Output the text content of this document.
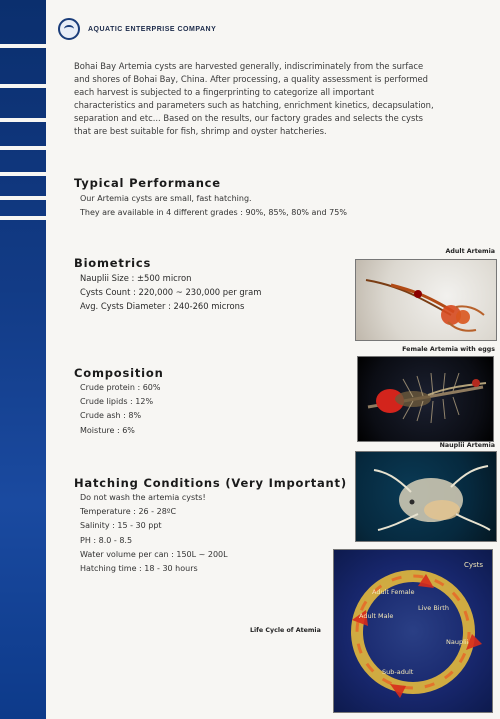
AQUATIC ENTERPRISE COMPANY
Bohai Bay Artemia cysts are harvested generally, indiscriminately from the surface and shores of Bohai Bay, China. After processing, a quality assessment is performed each harvest is subjected to a fingerprinting to categorize all important characteristics and parameters such as hatching, enrichment kinetics, decapsulation, separation and etc... Based on the results, our factory grades and selects the cysts that are best suitable for fish, shrimp and oyster hatcheries.
Typical Performance
Our Artemia cysts are small, fast hatching.
They are available in 4 different grades : 90%, 85%, 80% and 75%
Biometrics
Nauplii Size : ±500 micron
Cysts Count : 220,000 ~ 230,000 per gram
Avg. Cysts Diameter : 240-260 microns
Composition
Crude protein : 60%
Crude lipids : 12%
Crude ash : 8%
Moisture : 6%
Hatching Conditions (Very Important)
Do not wash the artemia cysts!
Temperature : 26 - 28ºC
Salinity : 15 - 30 ppt
PH : 8.0 - 8.5
Water volume per can : 150L ~ 200L
Hatching time : 18 - 30 hours
Adult Artemia
Female Artemia with eggs
Nauplii Artemia
Life Cycle of Atemia
Cysts
Adult Female
Live Birth
Adult Male
Nauplii
Sub-adult
